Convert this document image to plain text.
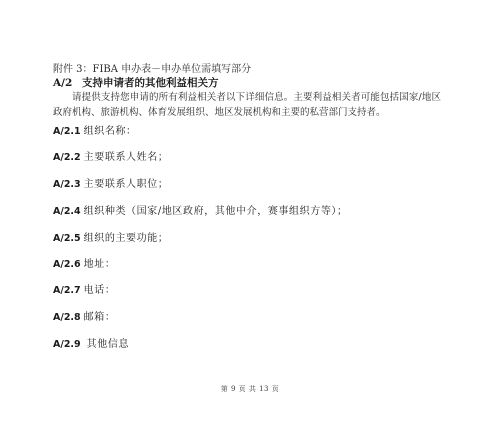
附件 3：FIBA 申办表－申办单位需填写部分
A/2 支持申请者的其他利益相关方
请提供支持您申请的所有利益相关者以下详细信息。主要利益相关者可能包括国家/地区政府机构、旅游机构、体育发展组织、地区发展机构和主要的私营部门支持者。
A/2.1 组织名称：
A/2.2 主要联系人姓名；
A/2.3 主要联系人职位；
A/2.4 组织种类（国家/地区政府，其他中介，赛事组织方等）；
A/2.5 组织的主要功能；
A/2.6 地址：
A/2.7 电话：
A/2.8 邮箱：
A/2.9 其他信息
第 9 页 共 13 页
